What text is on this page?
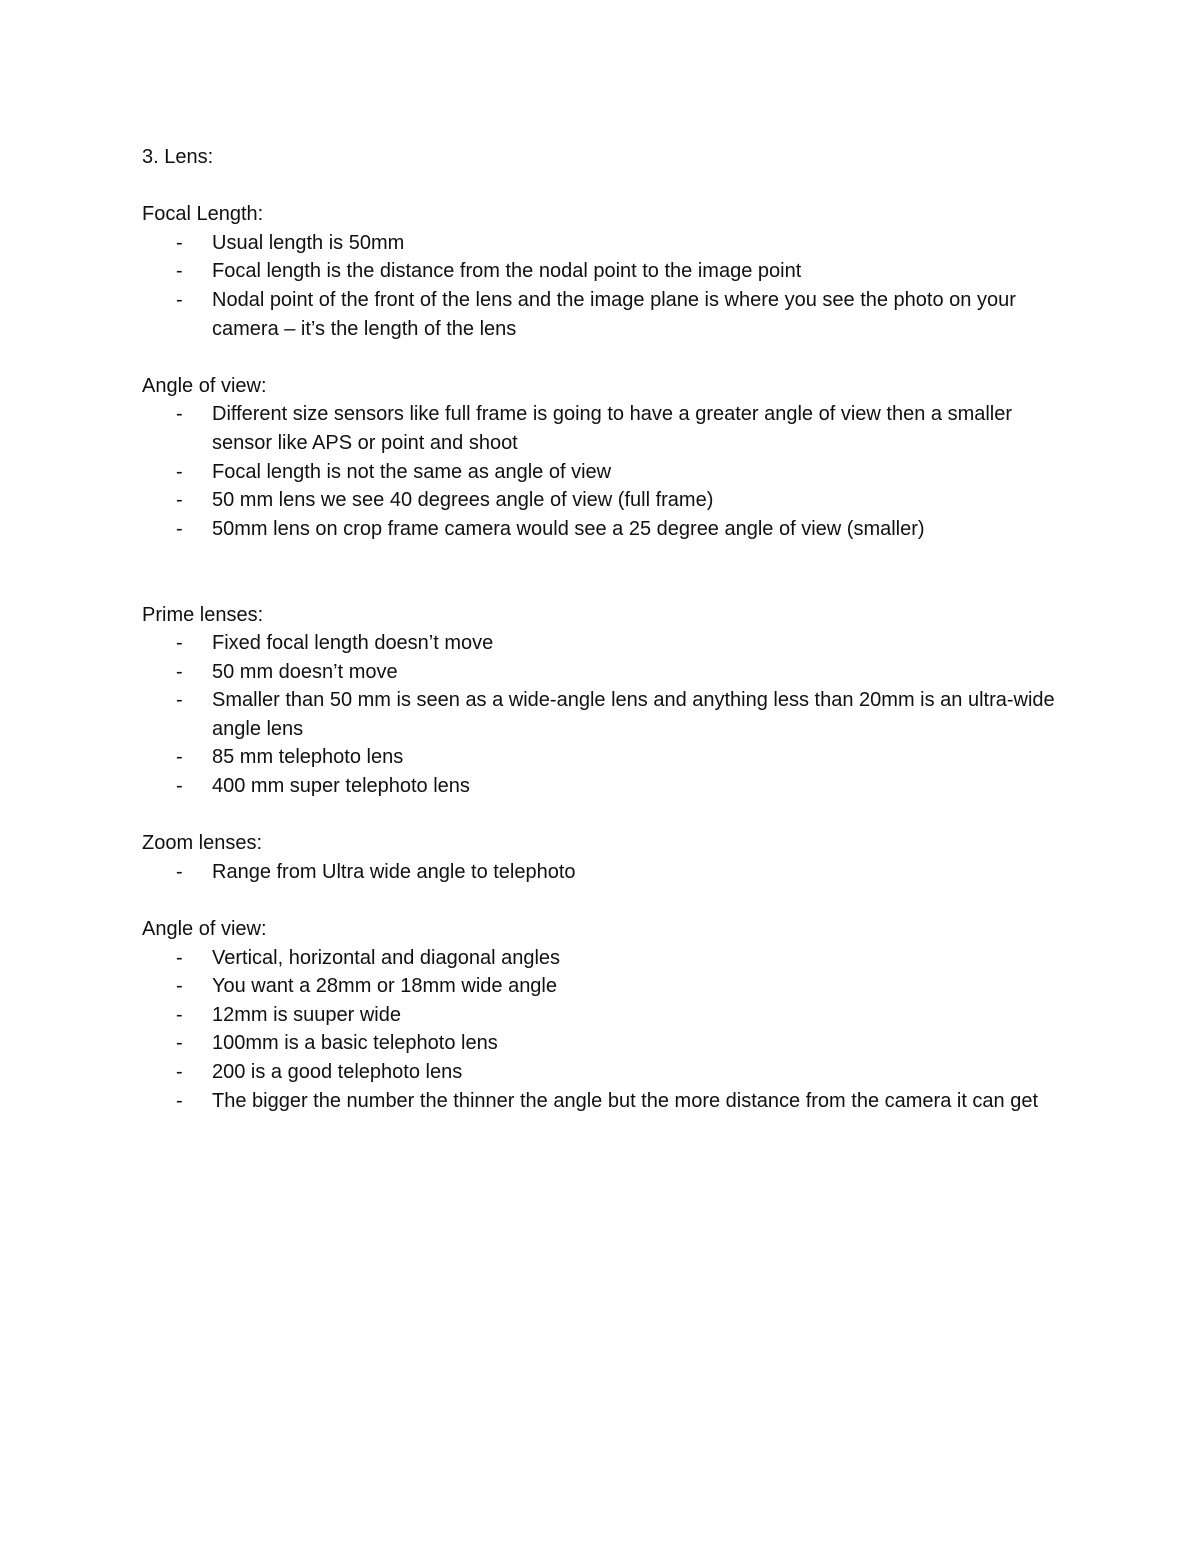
3. Lens:

Focal Length:

- Usual length is 50mm
- Focal length is the distance from the nodal point to the image point
- Nodal point of the front of the lens and the image plane is where you see the photo on your camera – it’s the length of the lens

Angle of view:

- Different size sensors like full frame is going to have a greater angle of view then a smaller sensor like APS or point and shoot
- Focal length is not the same as angle of view
- 50 mm lens we see 40 degrees angle of view (full frame)
- 50mm lens on crop frame camera would see a 25 degree angle of view (smaller)

Prime lenses:

- Fixed focal length doesn’t move
- 50 mm doesn’t move
- Smaller than 50 mm is seen as a wide-angle lens and anything less than 20mm is an ultra-wide angle lens
- 85 mm telephoto lens
- 400 mm super telephoto lens

Zoom lenses:

- Range from Ultra wide angle to telephoto

Angle of view:

- Vertical, horizontal and diagonal angles
- You want a 28mm or 18mm wide angle
- 12mm is suuper wide
- 100mm is a basic telephoto lens
- 200 is a good telephoto lens
- The bigger the number the thinner the angle but the more distance from the camera it can get
